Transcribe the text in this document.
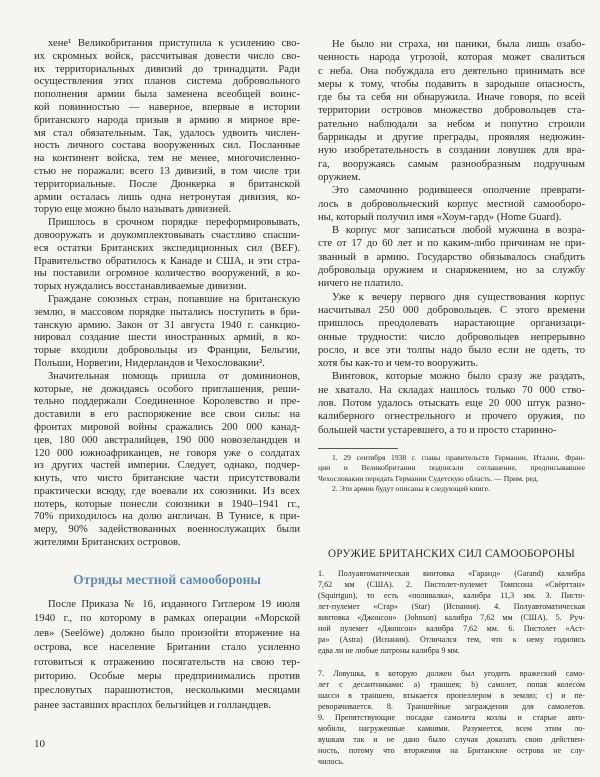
хене¹ Великобритания приступила к усилению сво-
их скромных войск, рассчитывая довести число сво-
их территориальных дивизий до тринадцати. Ради
осуществления этих планов система добровольного
пополнения армии была заменена всеобщей воинс-
кой повинностью — наверное, впервые в истории
британского народа призыв в армию в мирное вре-
мя стал обязательным. Так, удалось удвоить числен-
ность личного состава вооруженных сил. Посланные
на континент войска, тем не менее, многочисленно-
стью не поражали: всего 13 дивизий, в том числе три
территориальные. После Дюнкерка в британской
армии осталась лишь одна нетронутая дивизия, ко-
торую еще можно было называть дивизией.
Пришлось в срочном порядке переформировывать,
довооружать и доукомплектовывать счастливо спасши-
еся остатки Британских экспедиционных сил (BEF).
Правительство обратилось к Канаде и США, и эти стра-
ны поставили огромное количество вооружений, в ко-
торых нуждались восстанавливаемые дивизии.
Граждане союзных стран, попавшие на британскую
землю, в массовом порядке пытались поступить в бри-
танскую армию. Закон от 31 августа 1940 г. санкцио-
нировал создание шести иностранных армий, в ко-
торые входили добровольцы из Франции, Бельгии,
Польши, Норвегии, Нидерландов и Чехословакии².
Значительная помощь пришла от доминионов,
которые, не дожидаясь особого приглашения, реши-
тельно поддержали Соединенное Королевство и пре-
доставили в его распоряжение все свои силы: на
фронтах мировой войны сражались 200 000 канад-
цев, 180 000 австралийцев, 190 000 новозеландцев и
120 000 южноафриканцев, не говоря уже о солдатах
из других частей империи. Следует, однако, подчер-
кнуть, что чисто британские части присутствовали
практически всюду, где воевали их союзники. Из всех
потерь, которые понесли союзники в 1940–1941 гг.,
70% приходилось на долю англичан. В Тунисе, к при-
меру, 90% задействованных военнослужащих были
жителями Британских островов.
Отряды местной самообороны
После Приказа № 16, изданного Гитлером 19 июля
1940 г., по которому в рамках операции «Морской
лев» (Seelöwe) должно было произойти вторжение на
острова, все население Британии стало усиленно
готовиться к отражению посягательств на свою тер-
риторию. Особые меры предпринимались против
пресловутых парашютистов, несколькими месяцами
ранее заставших врасплох бельгийцев и голландцев.
10
Не было ни страха, ни паники, была лишь озабо-
ченность народа угрозой, которая может свалиться
с неба. Она побуждала его деятельно принимать все
меры к тому, чтобы подавить в зародыше опасность,
где бы та себя ни обнаружила. Иначе говоря, по всей
территории островов множество добровольцев ста-
рательно наблюдали за небом и попутно строили
баррикады и другие преграды, проявляя недюжин-
ную изобретательность в создании ловушек для вра-
га, вооружаясь самым разнообразным подручным
оружием.
Это самочинно родившееся ополчение преврати-
лось в добровольческий корпус местной самооборо-
ны, который получил имя «Хоум-гард» (Home Guard).
В корпус мог записаться любой мужчина в возра-
сте от 17 до 60 лет и по каким-либо причинам не при-
званный в армию. Государство обязывалось снабдить
добровольца оружием и снаряжением, но за службу
ничего не платило.
Уже к вечеру первого дня существования корпус
насчитывал 250 000 добровольцев. С этого времени
пришлось преодолевать нарастающие организаци-
онные трудности: число добровольцев непрерывно
росло, и все эти толпы надо было если не одеть, то
хотя бы как-то и чем-то вооружить.
Винтовок, которые можно было сразу же раздать,
не хватало. На складах нашлось только 70 000 ство-
лов. Потом удалось отыскать еще 20 000 штук разно-
калиберного огнестрельного и прочего оружия, по
большей части устаревшего, а то и просто старинно-
1. 29 сентября 1938 г. главы правительств Германии, Италии, Фран-
ции и Великобритании подписали соглашение, предписывавшее
Чехословакии передать Германии Судетскую область. — Прим. ред.
2. Эти армии будут описаны в следующей книге.
ОРУЖИЕ БРИТАНСКИХ СИЛ САМООБОРОНЫ
1. Полуавтоматическая винтовка «Гаранд» (Garand) калибра
7,62 мм (США). 2. Пистолет-пулемет Томпсона «Свёрттан»
(Squirtgun), то есть «поливалка», калибра 11,3 мм. 3. Писто-
лет-пулемет «Стар» (Star) (Испания). 4. Полуавтоматическая
винтовка «Джонсон» (Johnson) калибра 7,62 мм (США). 5. Руч-
ной пулемет «Джонсон» калибра 7,62 мм. 6. Пистолет «Аст-
ра» (Astra) (Испания). Отличался тем, что к нему годились
едва ли не любые патроны калибра 9 мм.
7. Ловушка, в которую должен был угодить вражеский само-
лет с десантниками: a) траншея; b) самолет, попав колесом
шасси в траншею, втыкается пропеллером в землю; c) и пе-
реворачивается. 8. Траншейные заграждения для самолетов.
9. Препятствующие посадке самолета козлы и старые авто-
мобили, нагруженные камнями. Разумеется, всем этим ло-
вушкам так и не дано было случая доказать свою действен-
ность, потому что вторжения на Британские острова не слу-
чилось.
